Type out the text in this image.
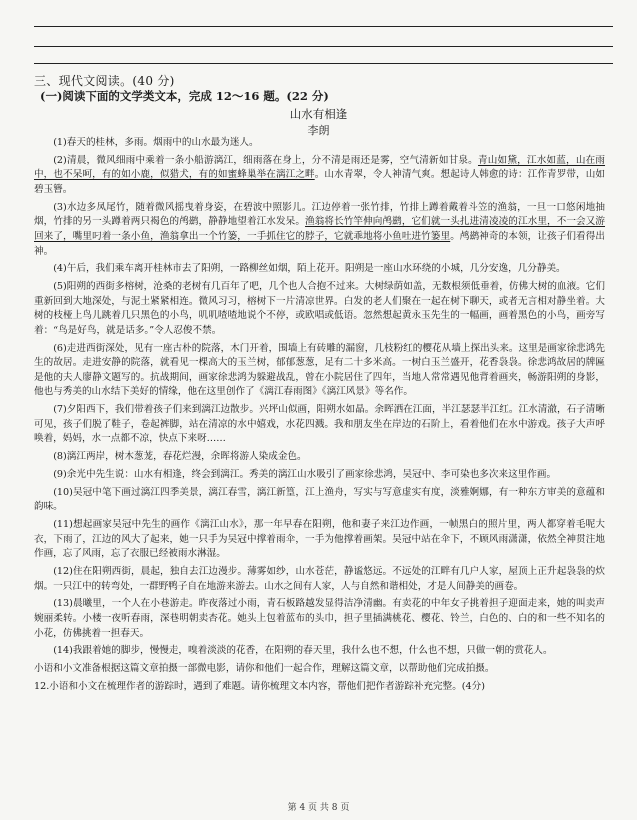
三、现代文阅读。(40 分)
(一)阅读下面的文学类文本，完成 12～16 题。(22 分)
山水有相逢
李朗

(1)春天的桂林，多雨。烟雨中的山水最为迷人。

(2)清晨，微风细雨中乘着一条小船游漓江，细雨落在身上，分不清是雨还是雾，空气清新如甘泉。青山如黛，江水如蓝，山在雨中，也不呆呵，有的如小鹿，似猎犬，有的如蜜蜂巢举在漓江之畔。山水青翠，令人神清气爽。想起诗人韩愈的诗：江作青罗带，山如碧玉簪。

(3)水边多凤尾竹，随着微风摇曳着身姿，在碧波中照影儿。江边停着一张竹排，竹排上蹲着戴着斗笠的渔翁，一旦一口悠闲地抽烟，竹排的另一头蹲着两只褐色的鸬鹚，静静地望着江水发呆。渔翁将长竹竿伸向鸬鹚，它们就一头扎进清凌凌的江水里，不一会又游回来了，嘴里叼着一条小鱼，渔翁拿出一个竹篓，一手抓住它的脖子，它就乖地将小鱼吐进竹篓里。鸬鹚神奇的本领，让孩子们看得出神。

(4)午后，我们乘车离开桂林市去了阳朔，一路柳丝如烟，陌上花开。阳朔是一座山水环绕的小城，几分安逸，几分静美。

(5)阳朔的西街多榕树，沧桑的老树有几百年了吧，几个也人合抱不过来。大树绿荫如盖，无数根须低垂着，仿佛大树的血液。它们重新回到大地深处，与泥土紧紧相连。微风习习，榕树下一片清凉世界。白发的老人们聚在一起在树下聊天，或者无言相对静坐着。大树的枝桠上鸟儿跳着几只黑色的小鸟，叽叽喳喳地说个不停，或欧唱或低语。忽然想起黄永玉先生的一幅画，画着黑色的小鸟，画旁写着：“鸟是好鸟，就是话多。”令人忍俊不禁。

(6)走进西街深处，见有一座古朴的院落，木门开着，围墙上有砖雕的漏窗，几枝粉红的樱花从墙上探出头来。这里是画家徐悲鸿先生的故居。走进安静的院落，就看见一棵高大的玉兰树，郁郁葱葱，足有二十多米高。一树白玉兰盛开，花香袅袅。徐悲鸿故居的牌匾是他的夫人廖静文题写的。抗战期间，画家徐悲鸿为躲避战乱，曾在小院居住了四年，当地人常常遇见他背着画夹，畅游阳朔的身影，他也与秀美的山水结下美好的情缘，他在这里创作了《漓江春雨图》《漓江风景》等名作。

(7)夕阳西下，我们带着孩子们来到漓江边散步。兴坪山似画，阳朔水如晶。余晖洒在江面，半江瑟瑟半江红。江水清澈，石子清晰可见，孩子们脱了鞋子，卷起裤脚，站在清凉的水中嬉戏，水花四溅。我和朋友坐在岸边的石阶上，看着他们在水中游戏。孩子大声呼唤着，妈妈，水一点都不凉，快点下来呀……

(8)漓江两岸，树木葱茏，春花烂漫，余晖将游人染成金色。

(9)余光中先生说：山水有相逢，终会到漓江。秀美的漓江山水吸引了画家徐悲鸿，吴冠中、李可染也多次来这里作画。

(10)吴冠中笔下画过漓江四季美景，漓江春雪，漓江新篁，江上渔舟，写实与写意虚实有度，淡雅婀娜，有一种东方审美的意蕴和韵味。

(11)想起画家吴冠中先生的画作《漓江山水》，那一年早春在阳朔，他和妻子来江边作画，一帧黑白的照片里，两人都穿着毛呢大衣，下雨了，江边的风大了起来，她一只手为吴冠中撑着雨伞，一手为他撑着画架。吴冠中站在伞下，不顾风雨潇潇，依然全神贯注地作画，忘了风雨，忘了衣服已经被雨水淋湿。

(12)住在阳朔西街，晨起，独自去江边漫步。薄雾如纱，山水苍茫，静谧悠远。不远处的江畔有几户人家，屋顶上正升起袅袅的炊烟。一只江中的转弯处，一群野鸭子自在地游来游去。山水之间有人家，人与自然和谐相处，才是人间静美的画卷。

(13)晨曦里，一个人在小巷游走。昨夜落过小雨，青石板路越发显得洁净清幽。有卖花的中年女子挑着担子迎面走来，她的叫卖声婉丽柔转。小楼一夜听春雨，深巷明朝卖杏花。她头上包着蓝布的头巾，担子里插满桃花、樱花、铃兰，白色的、白的和一些不知名的小花，仿佛挑着一担春天。

(14)我跟着她的脚步，慢慢走，嗅着淡淡的花香，在阳朔的春天里，我什么也不想，什么也不想，只做一朝的赏花人。

小语和小文准备根据这篇文章拍摄一部微电影，请你和他们一起合作，理解这篇文章，以帮助他们完成拍摄。

12.小语和小文在梳理作者的游踪时，遇到了难题。请你梳理文本内容，帮他们把作者游踪补充完整。(4分)

第 4 页 共 8 页
